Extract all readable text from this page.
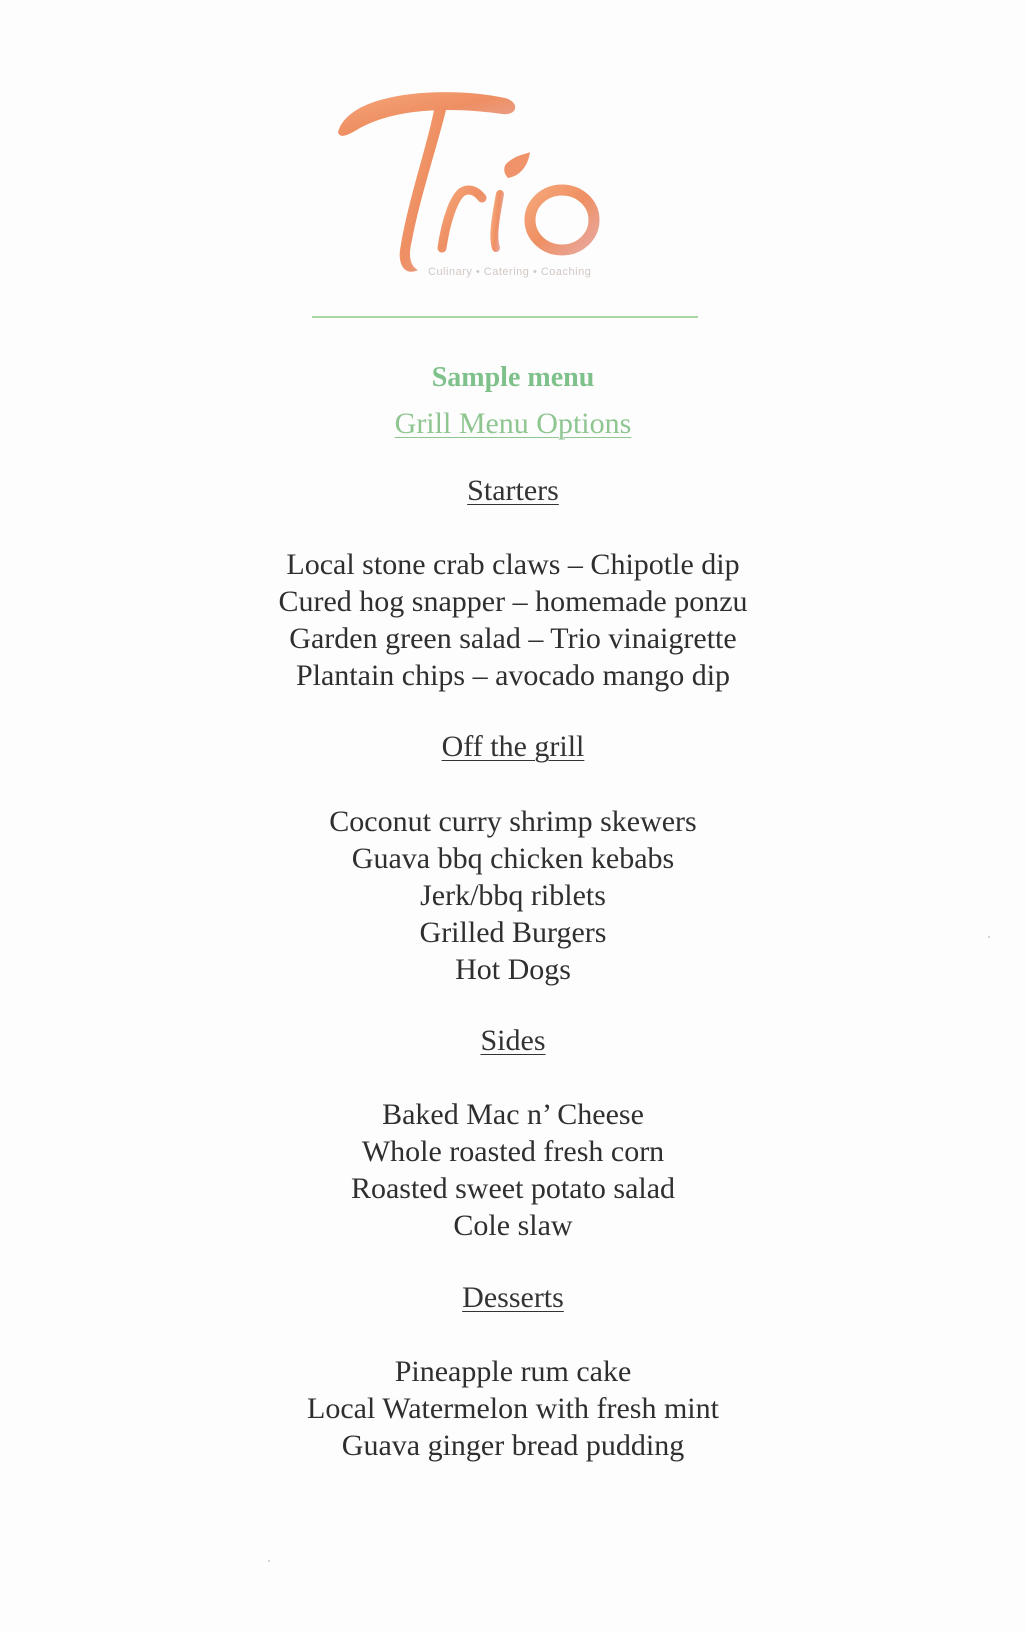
Culinary • Catering • Coaching
Sample menu
Grill Menu Options
Starters
Local stone crab claws – Chipotle dip
Cured hog snapper – homemade ponzu
Garden green salad – Trio vinaigrette
Plantain chips – avocado mango dip
Off the grill
Coconut curry shrimp skewers
Guava bbq chicken kebabs
Jerk/bbq riblets
Grilled Burgers
Hot Dogs
Sides
Baked Mac n’ Cheese
Whole roasted fresh corn
Roasted sweet potato salad
Cole slaw
Desserts
Pineapple rum cake
Local Watermelon with fresh mint
Guava ginger bread pudding
